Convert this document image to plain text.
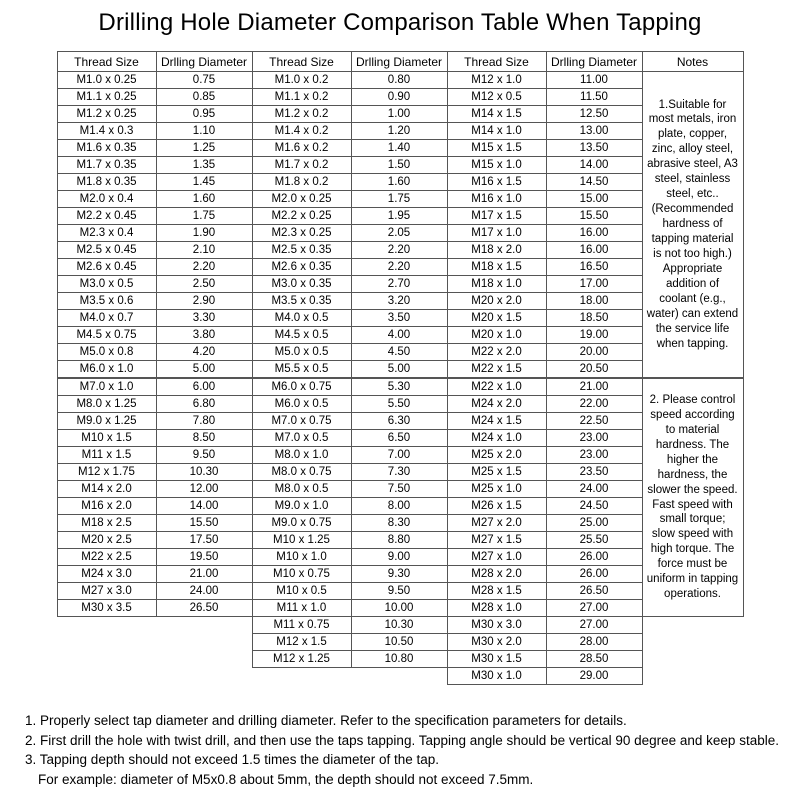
Drilling Hole Diameter Comparison Table When Tapping
Thread Size	Drlling Diameter	Thread Size	Drlling Diameter	Thread Size	Drlling Diameter	Notes
M1.0 x 0.25	0.75	M1.0 x 0.2	0.80	M12 x 1.0	11.00	1.Suitable for most metals, iron plate, copper, zinc, alloy steel, abrasive steel, A3 steel, stainless steel, etc..(Recommended hardness of tapping material is not too high.) Appropriate addition of coolant (e.g., water) can extend the service life when tapping.
M1.1 x 0.25	0.85	M1.1 x 0.2	0.90	M12 x 0.5	11.50	
M1.2 x 0.25	0.95	M1.2 x 0.2	1.00	M14 x 1.5	12.50	
M1.4 x 0.3	1.10	M1.4 x 0.2	1.20	M14 x 1.0	13.00	
M1.6 x 0.35	1.25	M1.6 x 0.2	1.40	M15 x 1.5	13.50	
M1.7 x 0.35	1.35	M1.7 x 0.2	1.50	M15 x 1.0	14.00	
M1.8 x 0.35	1.45	M1.8 x 0.2	1.60	M16 x 1.5	14.50	
M2.0 x 0.4	1.60	M2.0 x 0.25	1.75	M16 x 1.0	15.00	
M2.2 x 0.45	1.75	M2.2 x 0.25	1.95	M17 x 1.5	15.50	
M2.3 x 0.4	1.90	M2.3 x 0.25	2.05	M17 x 1.0	16.00	
M2.5 x 0.45	2.10	M2.5 x 0.35	2.20	M18 x 2.0	16.00	
M2.6 x 0.45	2.20	M2.6 x 0.35	2.20	M18 x 1.5	16.50	
M3.0 x 0.5	2.50	M3.0 x 0.35	2.70	M18 x 1.0	17.00	
M3.5 x 0.6	2.90	M3.5 x 0.35	3.20	M20 x 2.0	18.00	
M4.0 x 0.7	3.30	M4.0 x 0.5	3.50	M20 x 1.5	18.50	
M4.5 x 0.75	3.80	M4.5 x 0.5	4.00	M20 x 1.0	19.00	
M5.0 x 0.8	4.20	M5.0 x 0.5	4.50	M22 x 2.0	20.00	
M6.0 x 1.0	5.00	M5.5 x 0.5	5.00	M22 x 1.5	20.50	
M7.0 x 1.0	6.00	M6.0 x 0.75	5.30	M22 x 1.0	21.00	2. Please control speed according to material hardness. The higher the hardness, the slower the speed. Fast speed with small torque; slow speed with high torque. The force must be uniform in tapping operations.
M8.0 x 1.25	6.80	M6.0 x 0.5	5.50	M24 x 2.0	22.00	
M9.0 x 1.25	7.80	M7.0 x 0.75	6.30	M24 x 1.5	22.50	
M10 x 1.5	8.50	M7.0 x 0.5	6.50	M24 x 1.0	23.00	
M11 x 1.5	9.50	M8.0 x 1.0	7.00	M25 x 2.0	23.00	
M12 x 1.75	10.30	M8.0 x 0.75	7.30	M25 x 1.5	23.50	
M14 x 2.0	12.00	M8.0 x 0.5	7.50	M25 x 1.0	24.00	
M16 x 2.0	14.00	M9.0 x 1.0	8.00	M26 x 1.5	24.50	
M18 x 2.5	15.50	M9.0 x 0.75	8.30	M27 x 2.0	25.00	
M20 x 2.5	17.50	M10 x 1.25	8.80	M27 x 1.5	25.50	
M22 x 2.5	19.50	M10 x 1.0	9.00	M27 x 1.0	26.00	
M24 x 3.0	21.00	M10 x 0.75	9.30	M28 x 2.0	26.00	
M27 x 3.0	24.00	M10 x 0.5	9.50	M28 x 1.5	26.50	
M30 x 3.5	26.50	M11 x 1.0	10.00	M28 x 1.0	27.00	
		M11 x 0.75	10.30	M30 x 3.0	27.00	
		M12 x 1.5	10.50	M30 x 2.0	28.00	
		M12 x 1.25	10.80	M30 x 1.5	28.50	
				M30 x 1.0	29.00	
1. Properly select tap diameter and drilling diameter. Refer to the specification parameters for details.
2. First drill the hole with twist drill, and then use the taps tapping. Tapping angle should be vertical 90 degree and keep stable.
3. Tapping depth should not exceed 1.5 times the diameter of the tap.
For example: diameter of M5x0.8 about 5mm, the depth should not exceed 7.5mm.
